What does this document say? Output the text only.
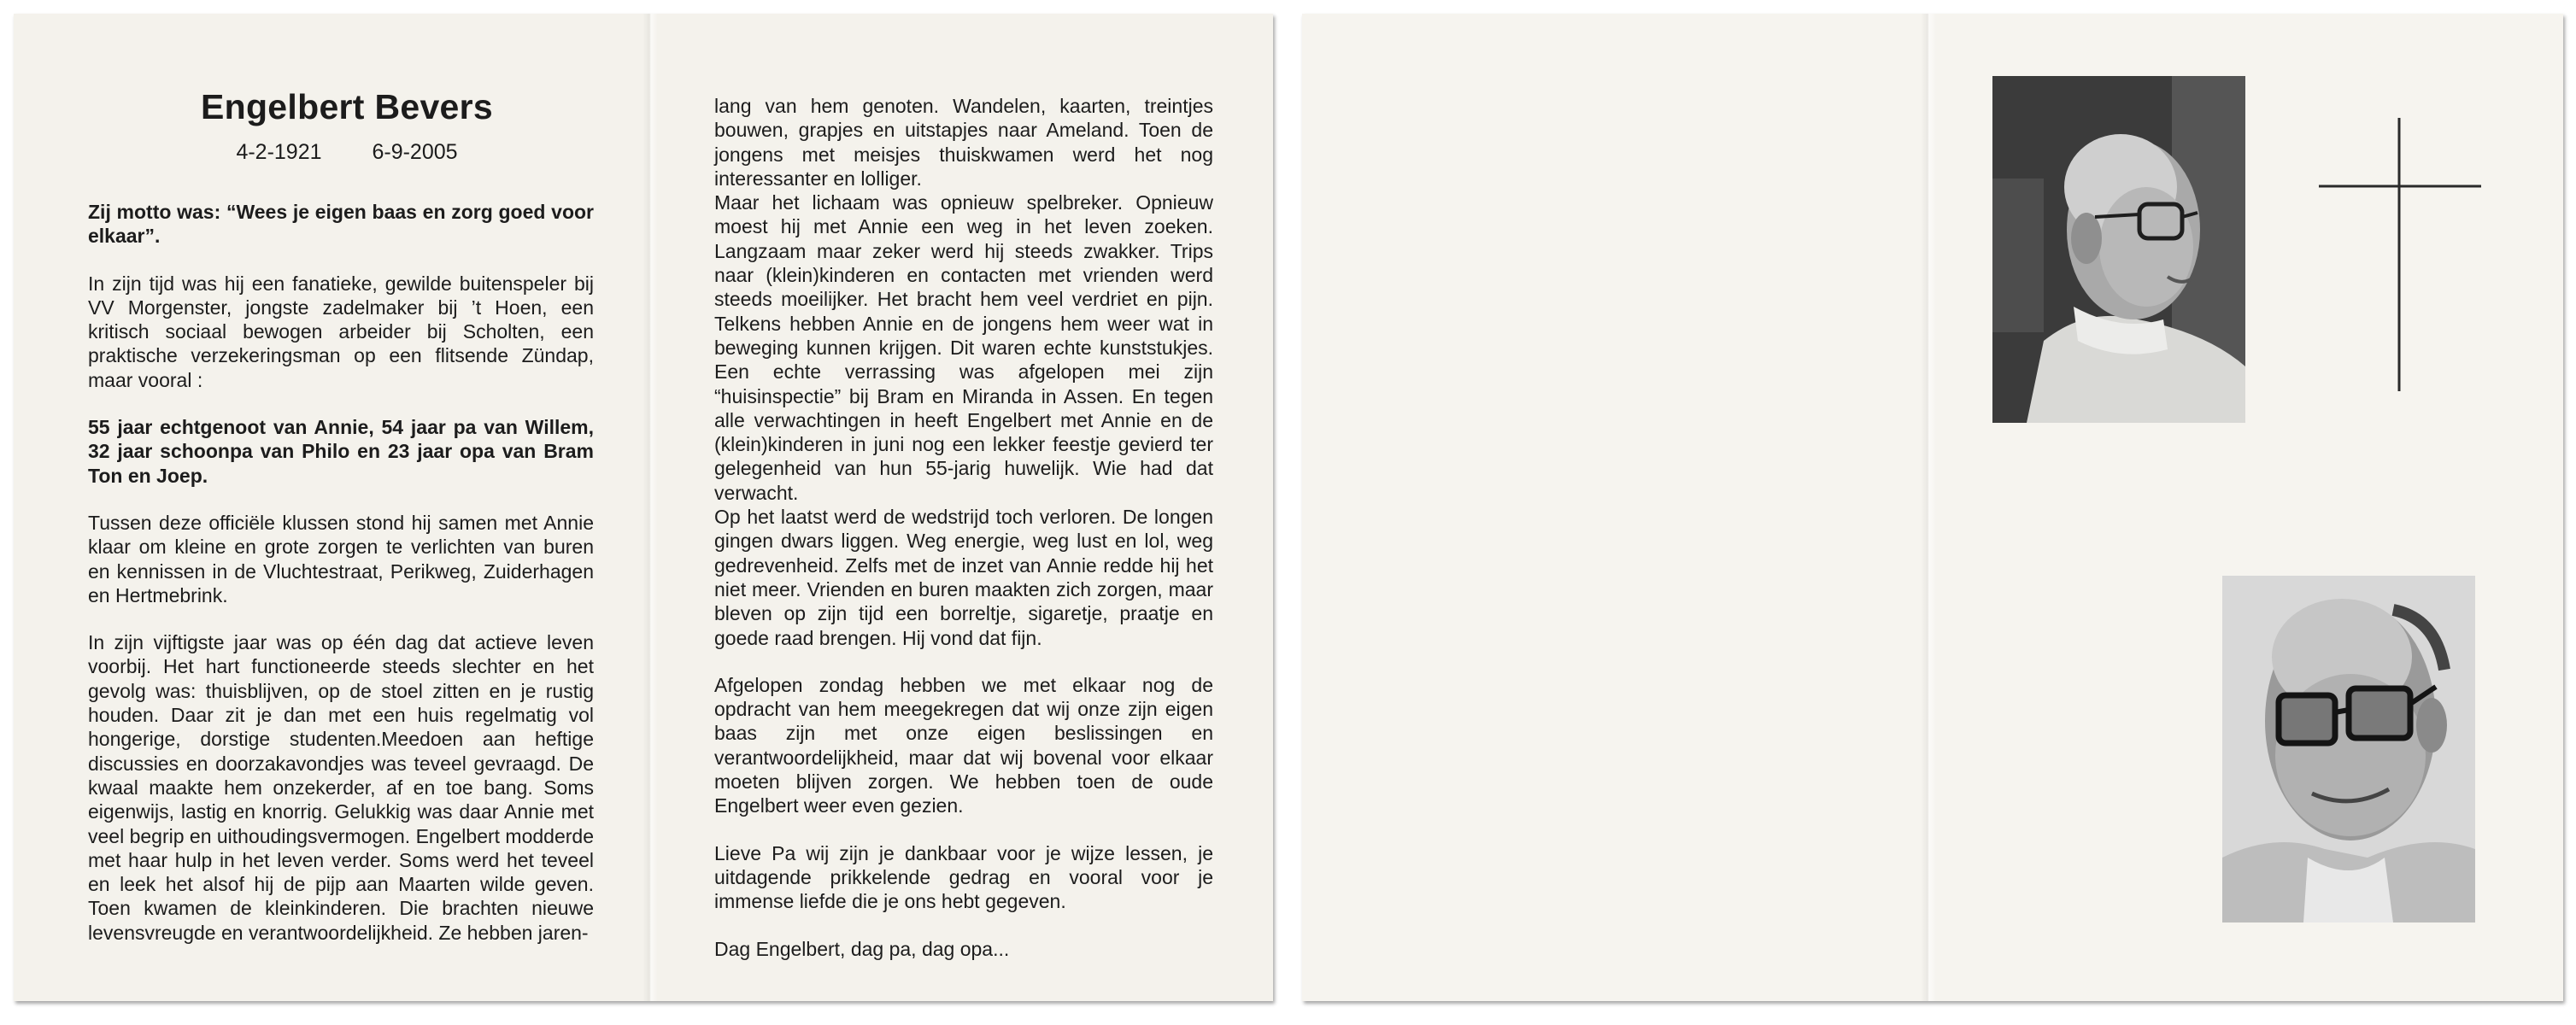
Engelbert Bevers
4-2-1921 6-9-2005

Zij motto was: “Wees je eigen baas en zorg goed voor elkaar”.

In zijn tijd was hij een fanatieke, gewilde buitenspeler bij VV Morgenster, jongste zadelmaker bij ’t Hoen, een kritisch sociaal bewogen arbeider bij Scholten, een praktische verzekeringsman op een flitsende Zündap, maar vooral :

55 jaar echtgenoot van Annie, 54 jaar pa van Willem, 32 jaar schoonpa van Philo en 23 jaar opa van Bram Ton en Joep.

Tussen deze officiële klussen stond hij samen met Annie klaar om kleine en grote zorgen te verlichten van buren en kennissen in de Vluchtestraat, Perikweg, Zuiderhagen en Hertmebrink.

In zijn vijftigste jaar was op één dag dat actieve leven voorbij. Het hart functioneerde steeds slechter en het gevolg was: thuisblijven, op de stoel zitten en je rustig houden. Daar zit je dan met een huis regelmatig vol hongerige, dorstige studenten.Meedoen aan heftige discussies en doorzakavondjes was teveel gevraagd. De kwaal maakte hem onzekerder, af en toe bang. Soms eigenwijs, lastig en knorrig. Gelukkig was daar Annie met veel begrip en uithoudingsvermogen. Engelbert modderde met haar hulp in het leven verder. Soms werd het teveel en leek het alsof hij de pijp aan Maarten wilde geven. Toen kwamen de kleinkinderen. Die brachten nieuwe levensvreugde en verantwoordelijkheid. Ze hebben jaren-

lang van hem genoten. Wandelen, kaarten, treintjes bouwen, grapjes en uitstapjes naar Ameland. Toen de jongens met meisjes thuiskwamen werd het nog interessanter en lolliger.

Maar het lichaam was opnieuw spelbreker. Opnieuw moest hij met Annie een weg in het leven zoeken. Langzaam maar zeker werd hij steeds zwakker. Trips naar (klein)kinderen en contacten met vrienden werd steeds moeilijker. Het bracht hem veel verdriet en pijn. Telkens hebben Annie en de jongens hem weer wat in beweging kunnen krijgen. Dit waren echte kunststukjes. Een echte verrassing was afgelopen mei zijn “huisinspectie” bij Bram en Miranda in Assen. En tegen alle verwachtingen in heeft Engelbert met Annie en de (klein)kinderen in juni nog een lekker feestje gevierd ter gelegenheid van hun 55-jarig huwelijk. Wie had dat verwacht.

Op het laatst werd de wedstrijd toch verloren. De longen gingen dwars liggen. Weg energie, weg lust en lol, weg gedrevenheid. Zelfs met de inzet van Annie redde hij het niet meer. Vrienden en buren maakten zich zorgen, maar bleven op zijn tijd een borreltje, sigaretje, praatje en goede raad brengen. Hij vond dat fijn.

Afgelopen zondag hebben we met elkaar nog de opdracht van hem meegekregen dat wij onze zijn eigen baas zijn met onze eigen beslissingen en verantwoordelijkheid, maar dat wij bovenal voor elkaar moeten blijven zorgen. We hebben toen de oude Engelbert weer even gezien.

Lieve Pa wij zijn je dankbaar voor je wijze lessen, je uitdagende prikkelende gedrag en vooral voor je immense liefde die je ons hebt gegeven.

Dag Engelbert, dag pa, dag opa...
